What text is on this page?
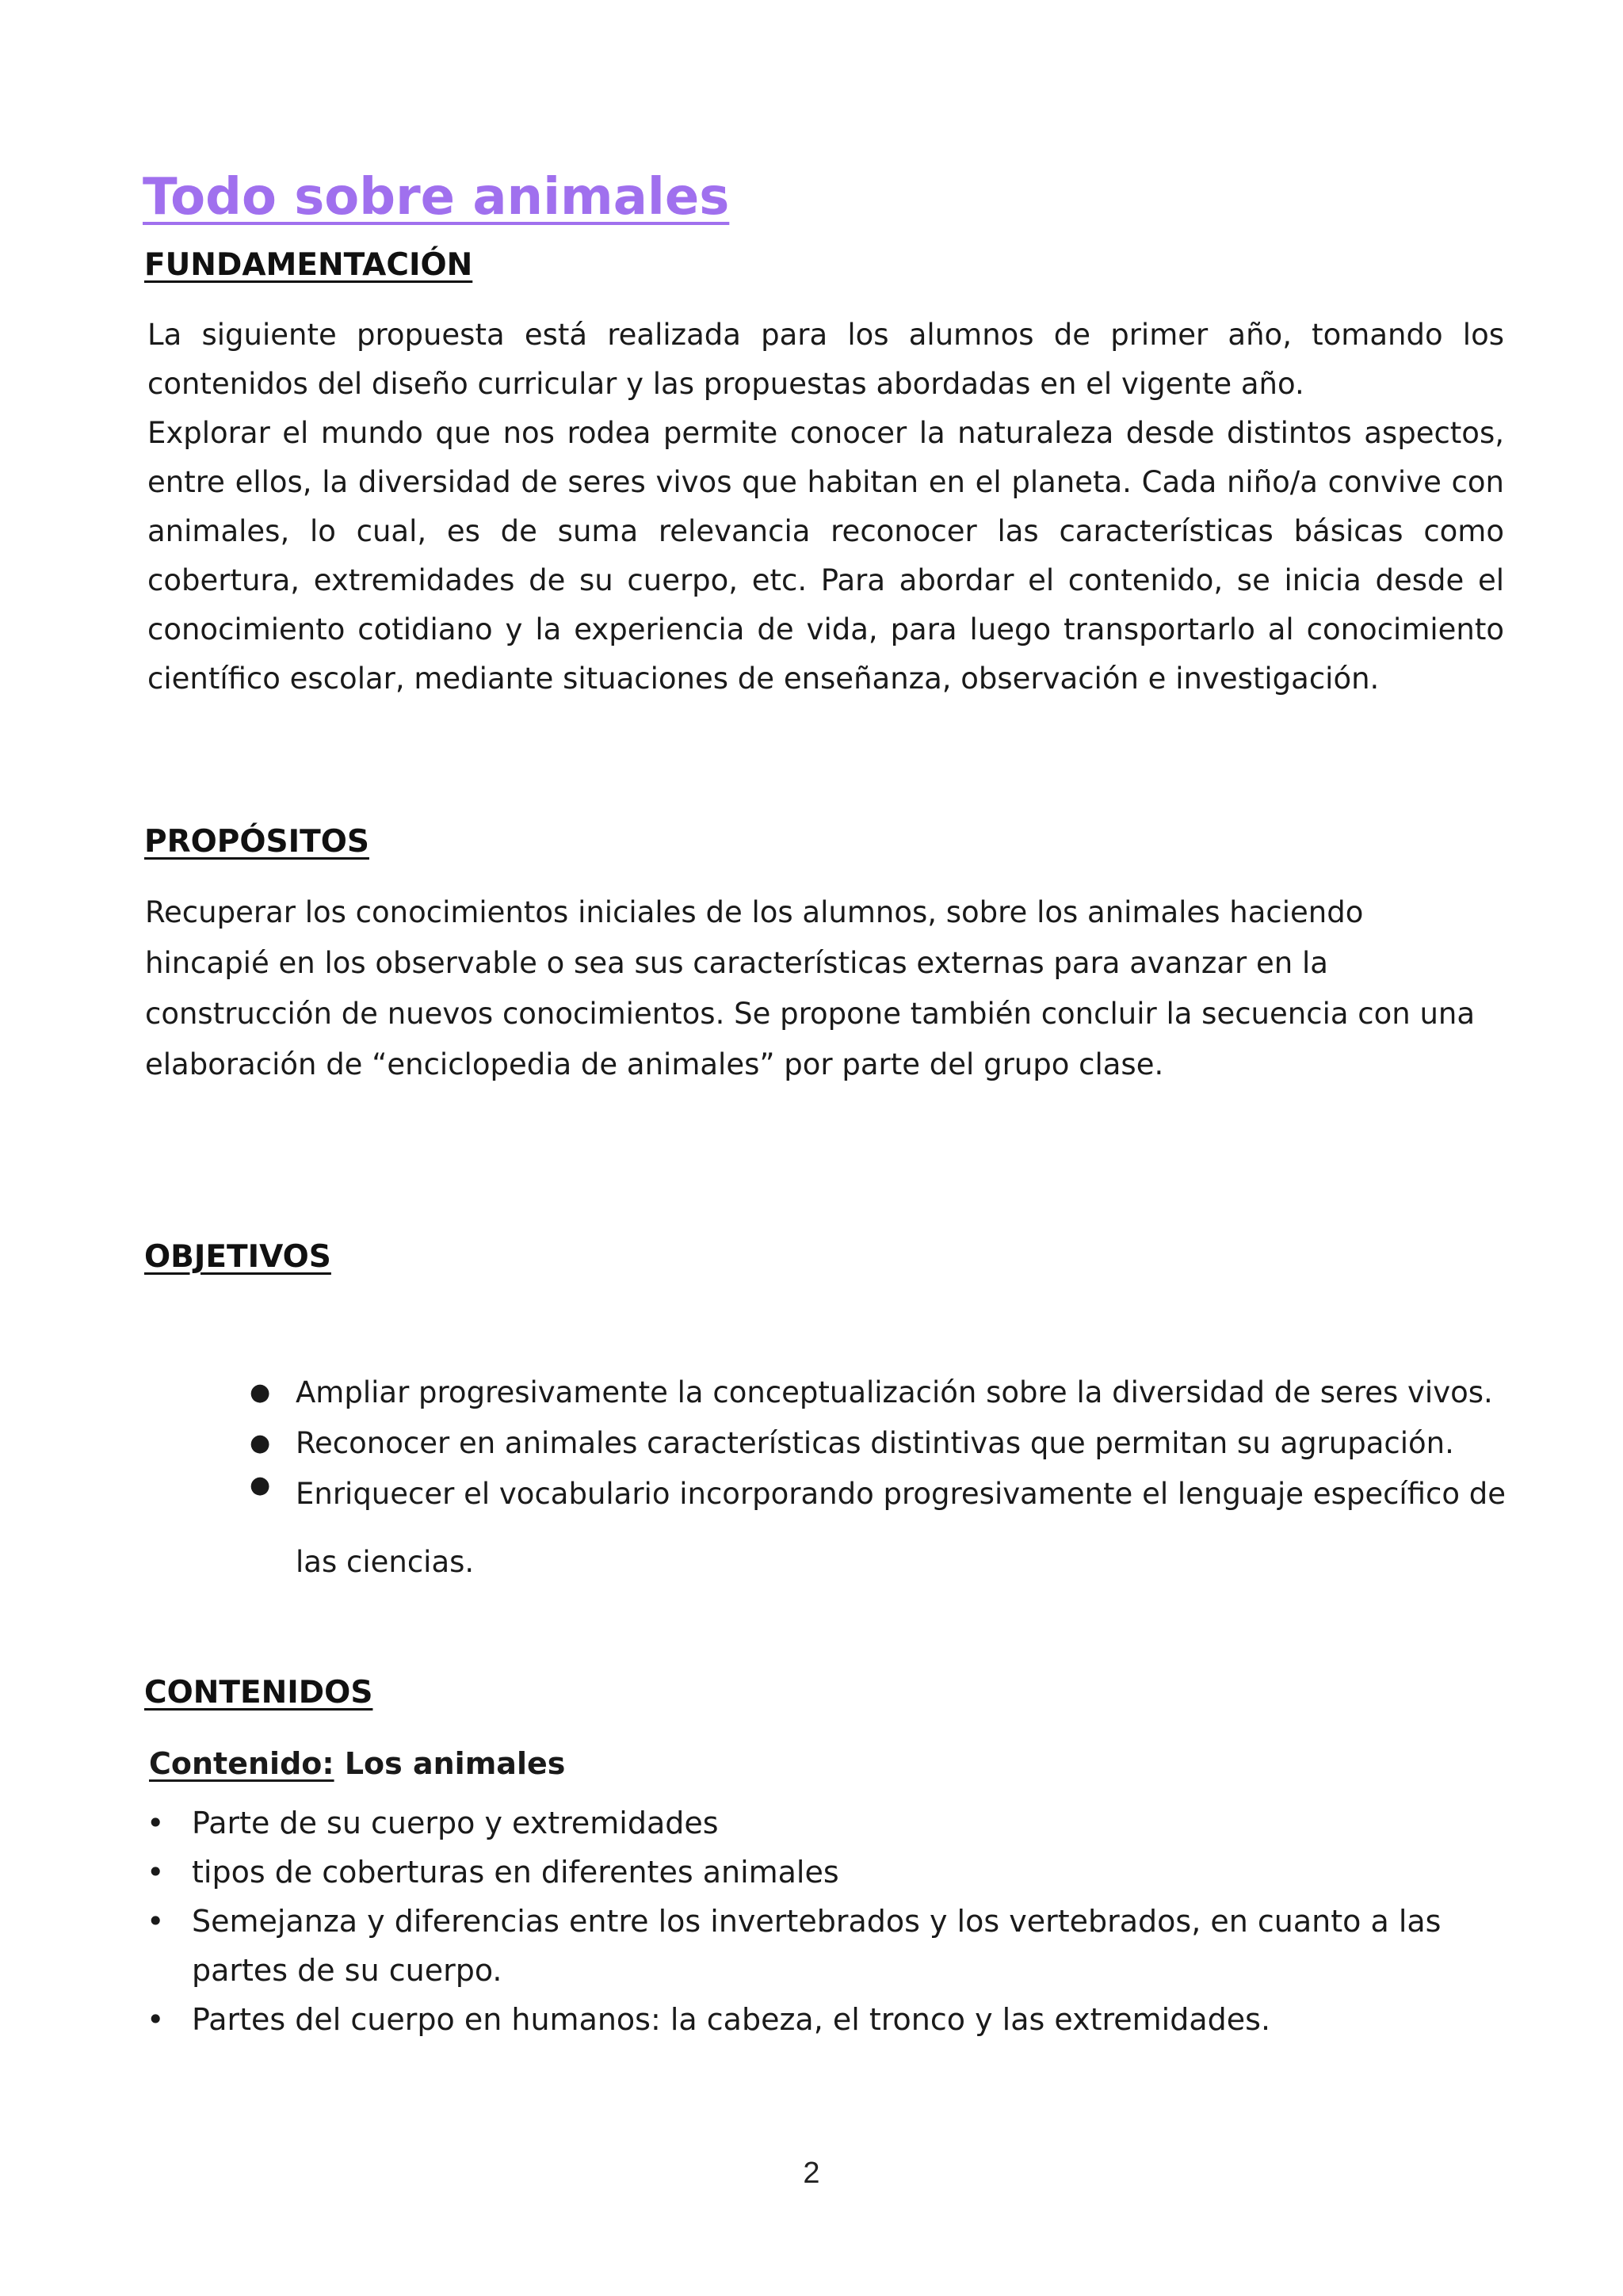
Todo sobre animales
FUNDAMENTACIÓN

La siguiente propuesta está realizada para los alumnos de primer año, tomando los contenidos del diseño curricular y las propuestas abordadas en el vigente año.

Explorar el mundo que nos rodea permite conocer la naturaleza desde distintos aspectos, entre ellos, la diversidad de seres vivos que habitan en el planeta. Cada niño/a convive con animales, lo cual, es de suma relevancia reconocer las características básicas como cobertura, extremidades de su cuerpo, etc. Para abordar el contenido, se inicia desde el conocimiento cotidiano y la experiencia de vida, para luego transportarlo al conocimiento científico escolar, mediante situaciones de enseñanza, observación e investigación.

PROPÓSITOS
Recuperar los conocimientos iniciales de los alumnos, sobre los animales haciendo
hincapié en los observable o sea sus características externas para avanzar en la
construcción de nuevos conocimientos. Se propone también concluir la secuencia con una
elaboración de “enciclopedia de animales” por parte del grupo clase.
OBJETIVOS
● Ampliar progresivamente la conceptualización sobre la diversidad de seres vivos.
● Reconocer en animales características distintivas que permitan su agrupación.
● Enriquecer el vocabulario incorporando progresivamente el lenguaje específico de las ciencias.
CONTENIDOS

Contenido: Los animales

• Parte de su cuerpo y extremidades
• tipos de coberturas en diferentes animales
• Semejanza y diferencias entre los invertebrados y los vertebrados, en cuanto a las partes de su cuerpo.
• Partes del cuerpo en humanos: la cabeza, el tronco y las extremidades.

2
